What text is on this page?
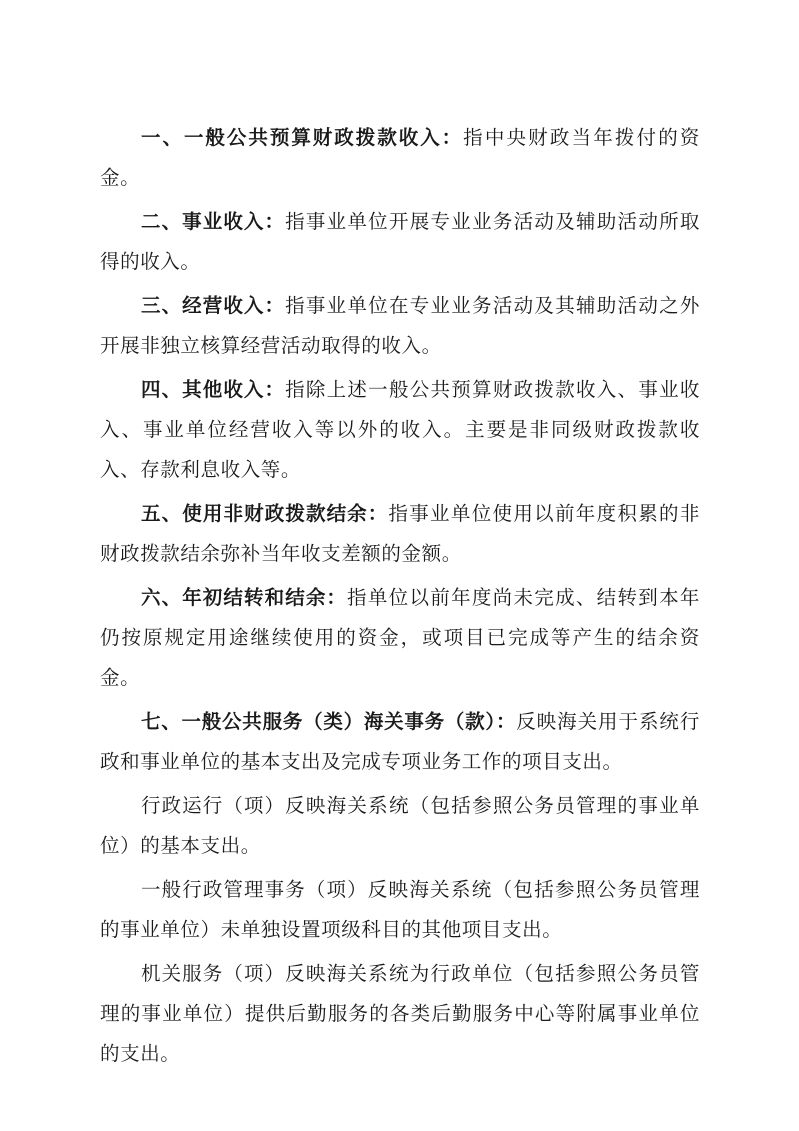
一、一般公共预算财政拨款收入：指中央财政当年拨付的资金。

二、事业收入：指事业单位开展专业业务活动及辅助活动所取得的收入。

三、经营收入：指事业单位在专业业务活动及其辅助活动之外开展非独立核算经营活动取得的收入。

四、其他收入：指除上述一般公共预算财政拨款收入、事业收入、事业单位经营收入等以外的收入。主要是非同级财政拨款收入、存款利息收入等。

五、使用非财政拨款结余：指事业单位使用以前年度积累的非财政拨款结余弥补当年收支差额的金额。

六、年初结转和结余：指单位以前年度尚未完成、结转到本年仍按原规定用途继续使用的资金，或项目已完成等产生的结余资金。

七、一般公共服务（类）海关事务（款）：反映海关用于系统行政和事业单位的基本支出及完成专项业务工作的项目支出。

行政运行（项）反映海关系统（包括参照公务员管理的事业单位）的基本支出。

一般行政管理事务（项）反映海关系统（包括参照公务员管理的事业单位）未单独设置项级科目的其他项目支出。

机关服务（项）反映海关系统为行政单位（包括参照公务员管理的事业单位）提供后勤服务的各类后勤服务中心等附属事业单位的支出。
